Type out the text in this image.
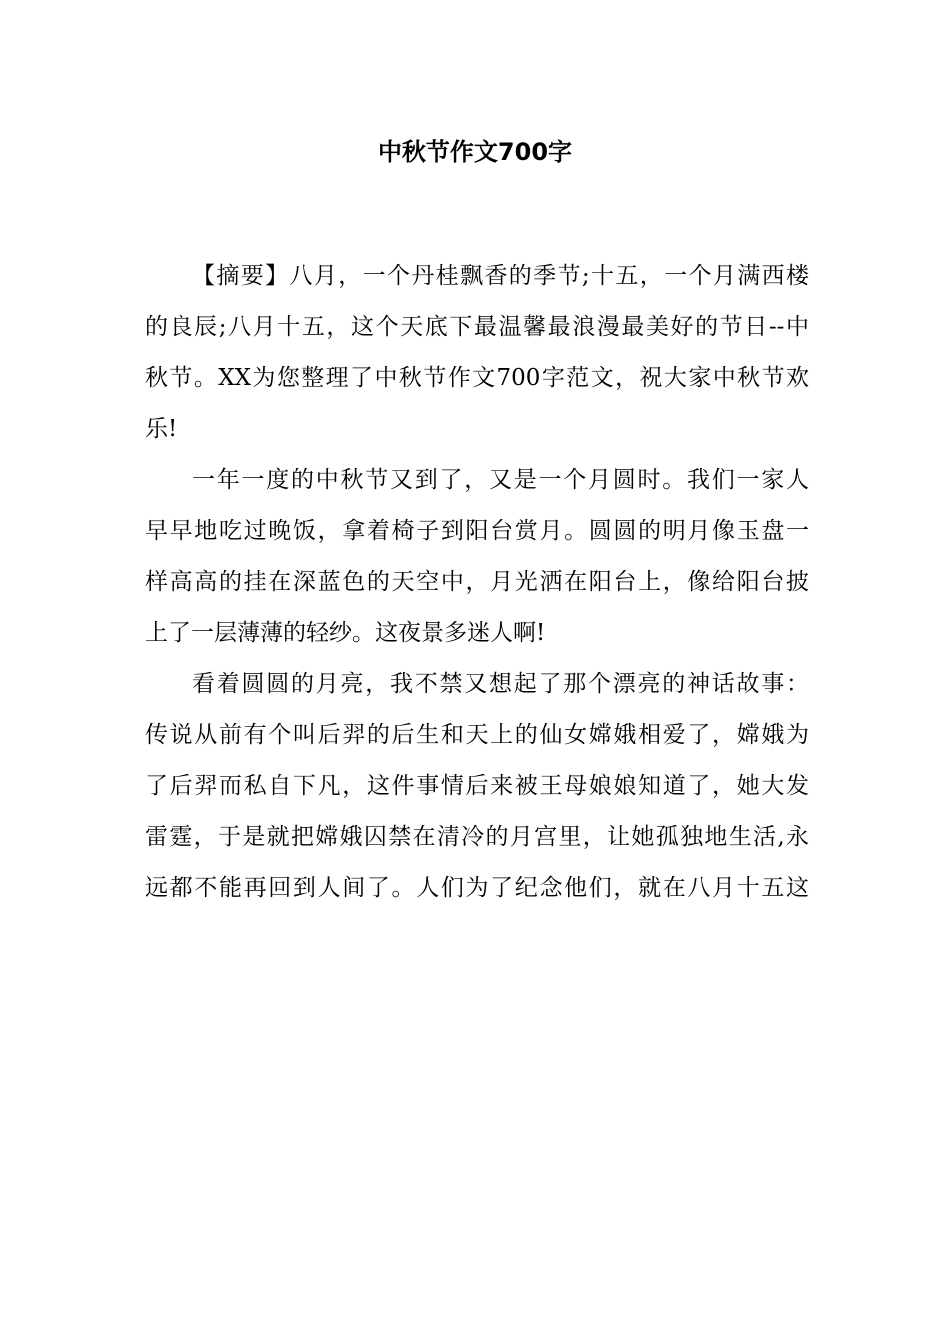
中秋节作文700字
【摘要】八月，一个丹桂飘香的季节;十五，一个月满西楼
的良辰;八月十五，这个天底下最温馨最浪漫最美好的节日--中
秋节。XX为您整理了中秋节作文700字范文，祝大家中秋节欢
乐!
一年一度的中秋节又到了，又是一个月圆时。我们一家人
早早地吃过晚饭，拿着椅子到阳台赏月。圆圆的明月像玉盘一
样高高的挂在深蓝色的天空中，月光洒在阳台上，像给阳台披
上了一层薄薄的轻纱。这夜景多迷人啊!
看着圆圆的月亮，我不禁又想起了那个漂亮的神话故事：
传说从前有个叫后羿的后生和天上的仙女嫦娥相爱了，嫦娥为
了后羿而私自下凡，这件事情后来被王母娘娘知道了，她大发
雷霆，于是就把嫦娥囚禁在清冷的月宫里，让她孤独地生活,永
远都不能再回到人间了。人们为了纪念他们，就在八月十五这
